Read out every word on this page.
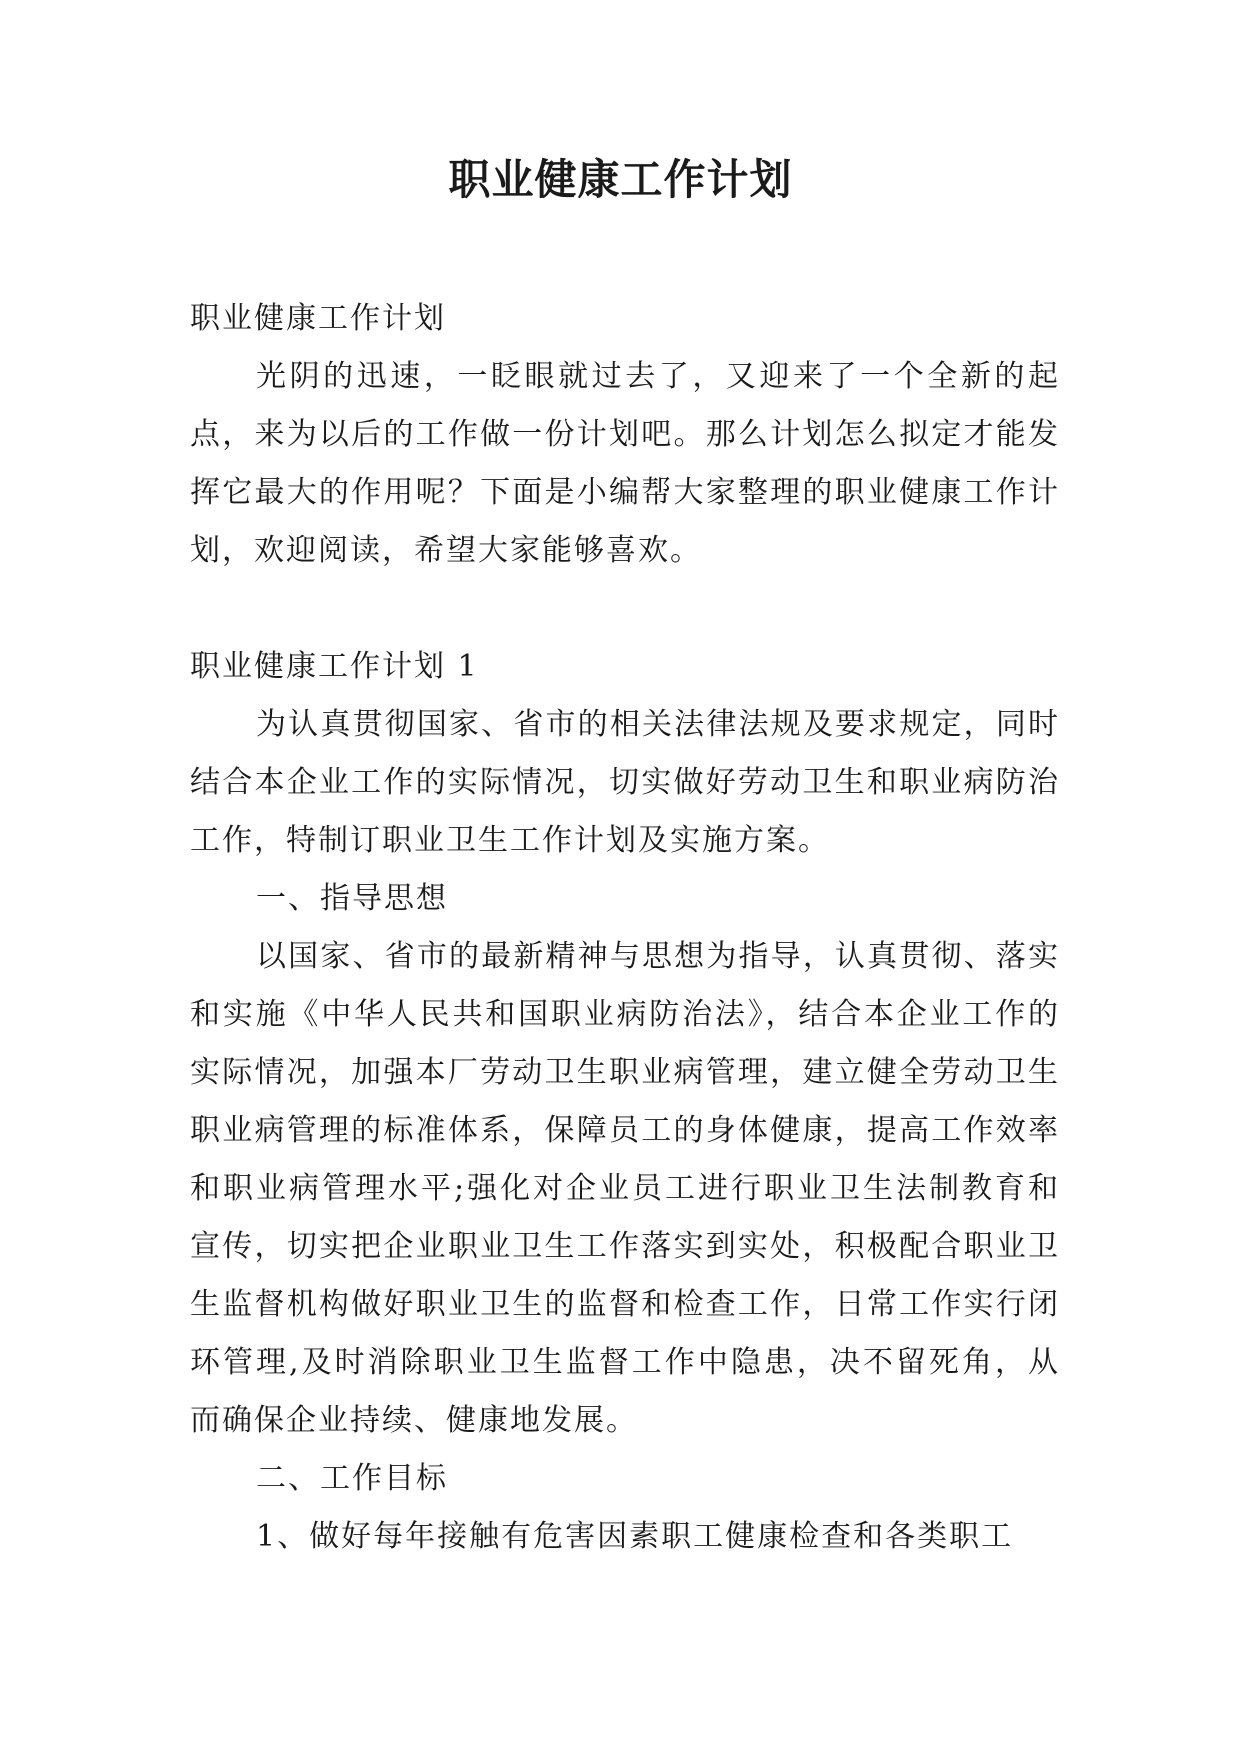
职业健康工作计划

职业健康工作计划

光阴的迅速，一眨眼就过去了，又迎来了一个全新的起点，来为以后的工作做一份计划吧。那么计划怎么拟定才能发挥它最大的作用呢？下面是小编帮大家整理的职业健康工作计划，欢迎阅读，希望大家能够喜欢。

职业健康工作计划 1

为认真贯彻国家、省市的相关法律法规及要求规定，同时结合本企业工作的实际情况，切实做好劳动卫生和职业病防治工作，特制订职业卫生工作计划及实施方案。

一、指导思想

以国家、省市的最新精神与思想为指导，认真贯彻、落实和实施《中华人民共和国职业病防治法》，结合本企业工作的实际情况，加强本厂劳动卫生职业病管理，建立健全劳动卫生职业病管理的标准体系，保障员工的身体健康，提高工作效率和职业病管理水平;强化对企业员工进行职业卫生法制教育和宣传，切实把企业职业卫生工作落实到实处，积极配合职业卫生监督机构做好职业卫生的监督和检查工作，日常工作实行闭环管理,及时消除职业卫生监督工作中隐患，决不留死角，从而确保企业持续、健康地发展。

二、工作目标

1、做好每年接触有危害因素职工健康检查和各类职工
